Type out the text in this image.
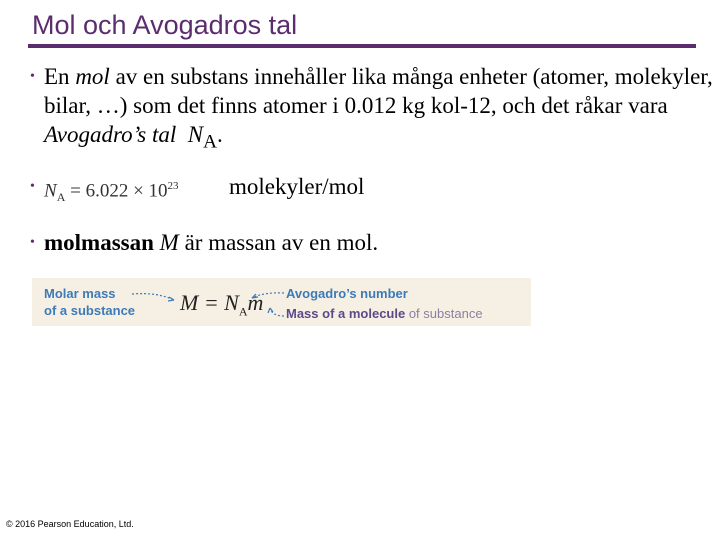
Mol och Avogadros tal
• En mol av en substans innehåller lika många enheter (atomer, molekyler, bilar, …) som det finns atomer i 0.012 kg kol-12, och det råkar vara Avogadro’s tal $N_A$.
• $N_A = 6.022 \times 10^{23}$ molekyler/mol
• molmassan M är massan av en mol.
Molar mass
of a substance $M = N_Am$ Avogadro’s number
Mass of a molecule of substance
© 2016 Pearson Education, Ltd.
